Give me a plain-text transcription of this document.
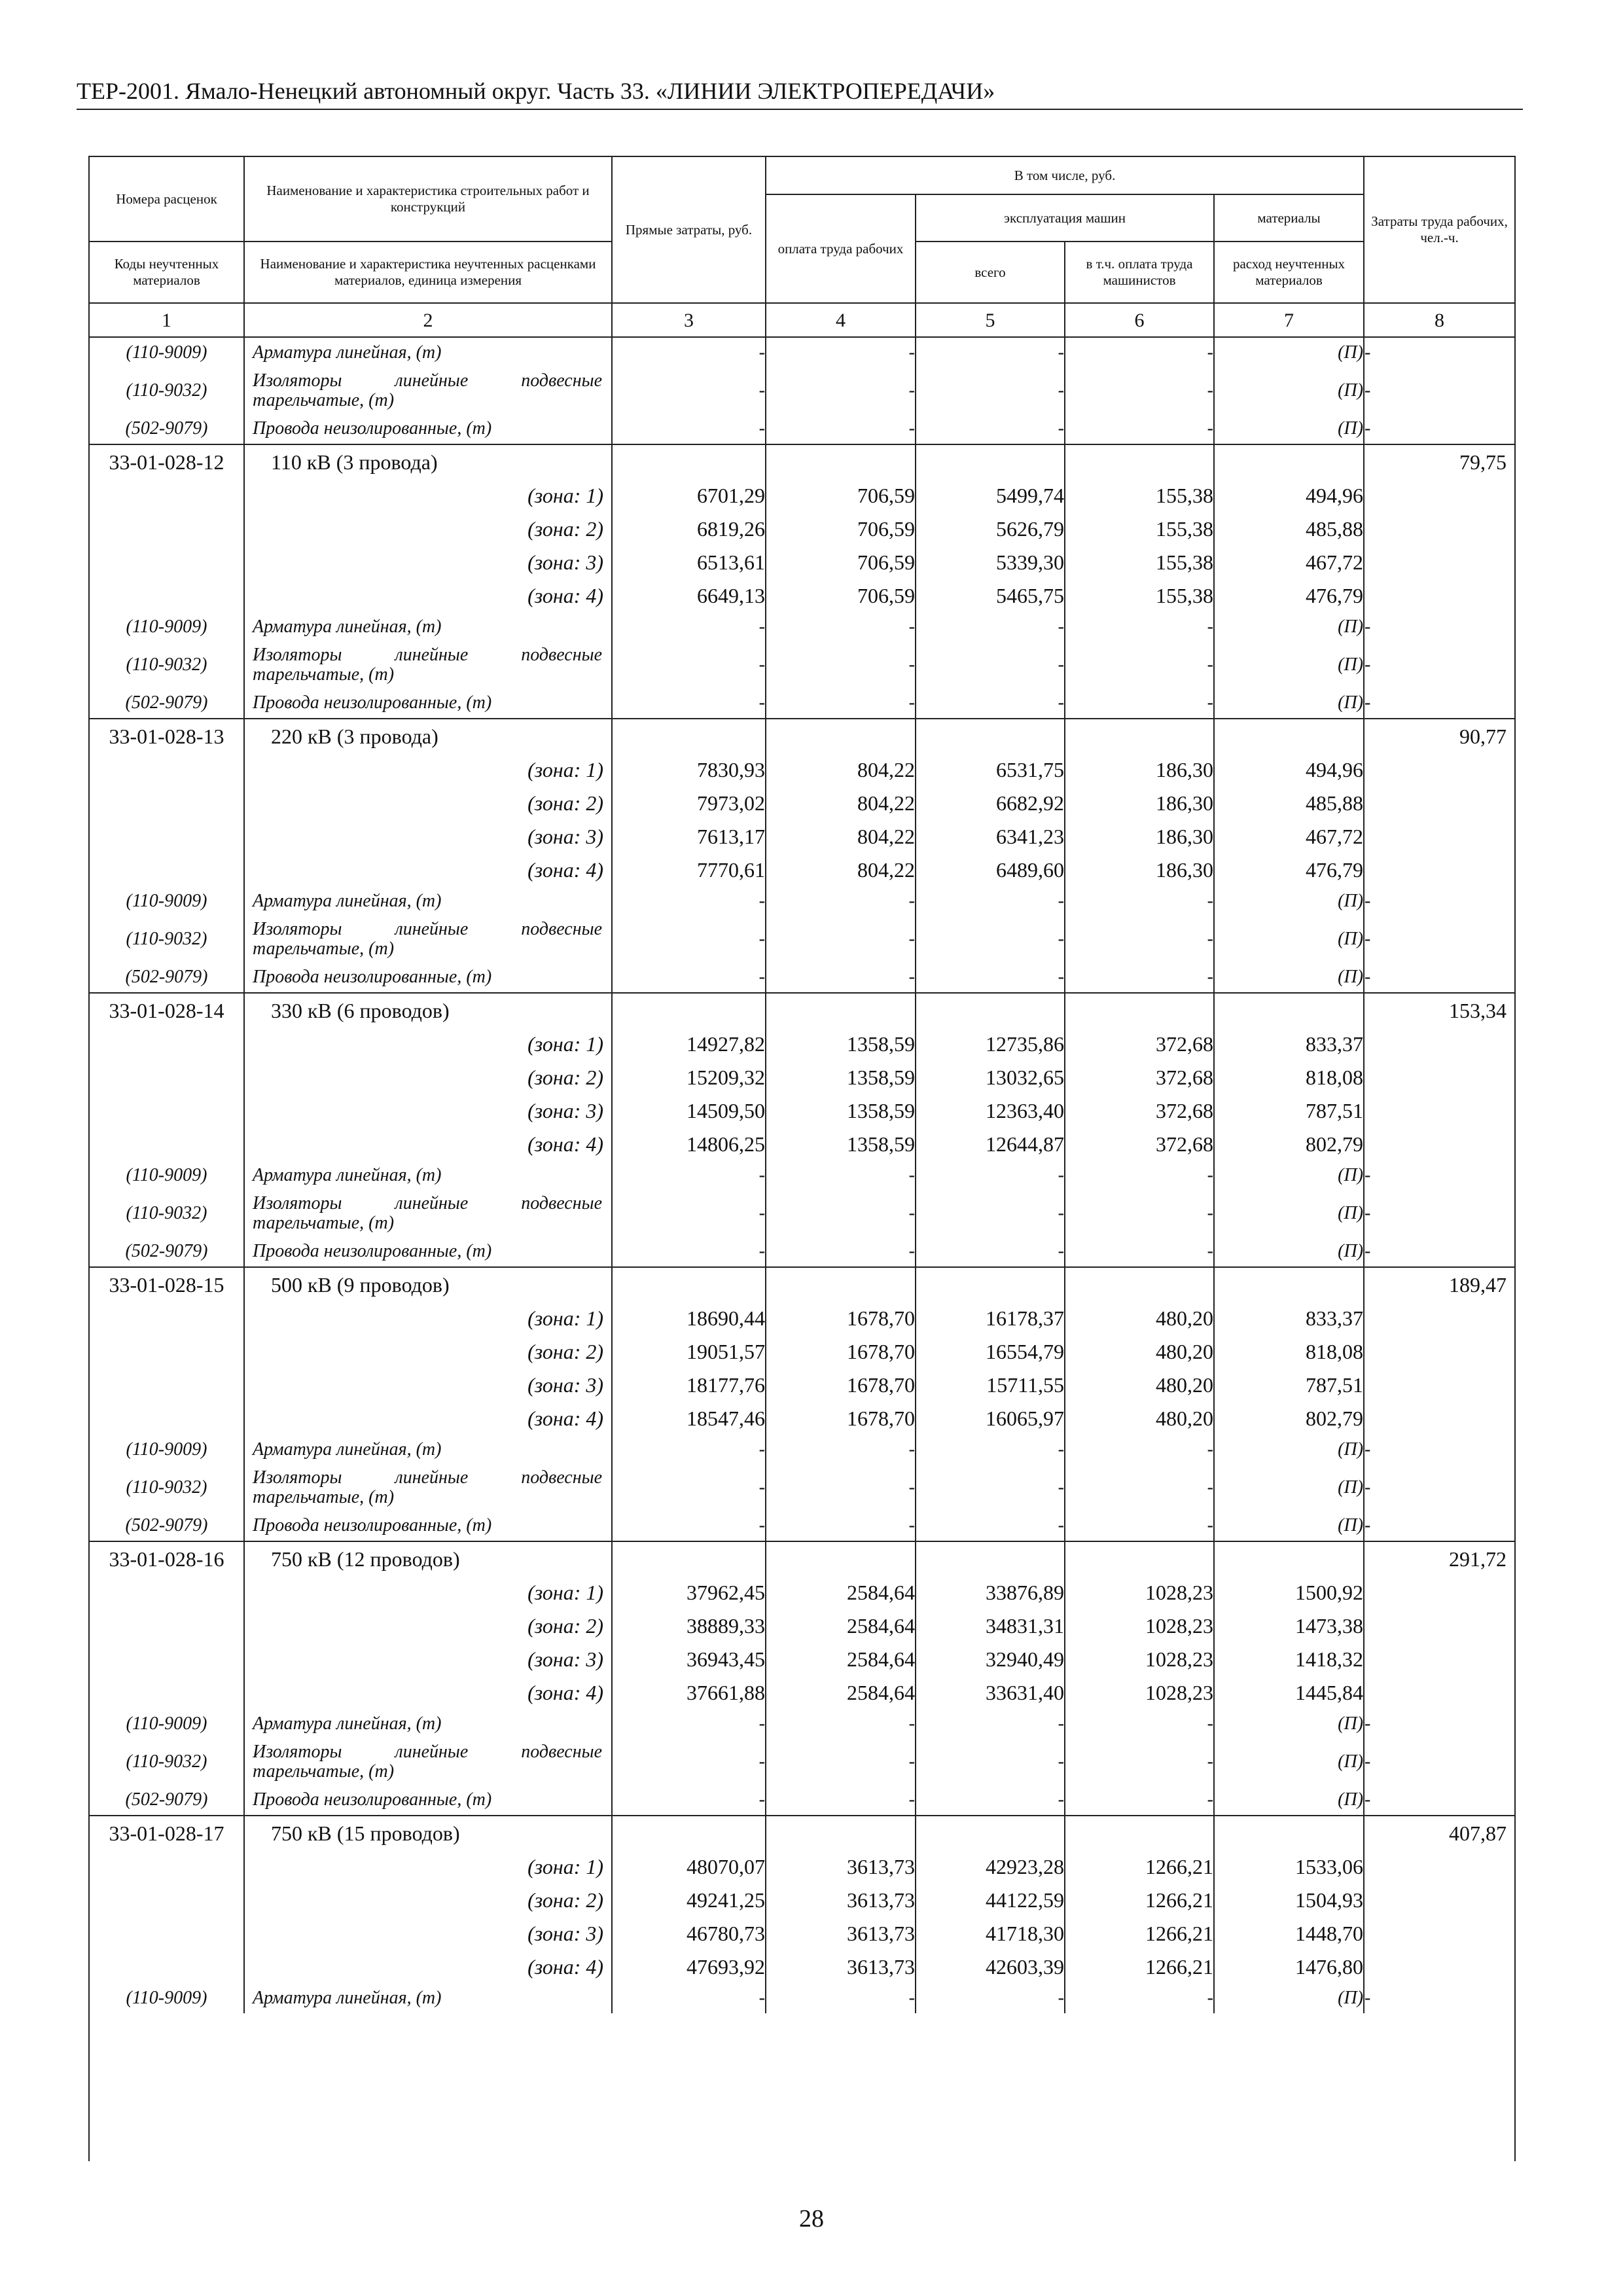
ТЕР-2001. Ямало-Ненецкий автономный округ. Часть 33. «ЛИНИИ ЭЛЕКТРОПЕРЕДАЧИ»
Номера расценок	Наименование и характеристика строительных работ и конструкций	Прямые затраты, руб.	В том числе, руб.				Затраты труда рабочих, чел.-ч.
			оплата труда рабочих	эксплуатация машин		материалы	
Коды неучтенных материалов	Наименование и характеристика неучтенных расценками материалов, единица измерения			всего	в т.ч. оплата труда машинистов	расход неучтенных материалов	
1	2	3	4	5	6	7	8
(110-9009)	Арматура линейная, (т)	-	-	-	-	(П)	-
(110-9032)	Изоляторы линейные подвесные тарельчатые, (т)	-	-	-	-	(П)	-
(502-9079)	Провода неизолированные, (т)	-	-	-	-	(П)	-
33-01-028-12	110 кВ (3 провода)						79,75
	(зона: 1)	6701,29	706,59	5499,74	155,38	494,96	
	(зона: 2)	6819,26	706,59	5626,79	155,38	485,88	
	(зона: 3)	6513,61	706,59	5339,30	155,38	467,72	
	(зона: 4)	6649,13	706,59	5465,75	155,38	476,79	
(110-9009)	Арматура линейная, (т)	-	-	-	-	(П)	-
(110-9032)	Изоляторы линейные подвесные тарельчатые, (т)	-	-	-	-	(П)	-
(502-9079)	Провода неизолированные, (т)	-	-	-	-	(П)	-
33-01-028-13	220 кВ (3 провода)						90,77
	(зона: 1)	7830,93	804,22	6531,75	186,30	494,96	
	(зона: 2)	7973,02	804,22	6682,92	186,30	485,88	
	(зона: 3)	7613,17	804,22	6341,23	186,30	467,72	
	(зона: 4)	7770,61	804,22	6489,60	186,30	476,79	
(110-9009)	Арматура линейная, (т)	-	-	-	-	(П)	-
(110-9032)	Изоляторы линейные подвесные тарельчатые, (т)	-	-	-	-	(П)	-
(502-9079)	Провода неизолированные, (т)	-	-	-	-	(П)	-
33-01-028-14	330 кВ (6 проводов)						153,34
	(зона: 1)	14927,82	1358,59	12735,86	372,68	833,37	
	(зона: 2)	15209,32	1358,59	13032,65	372,68	818,08	
	(зона: 3)	14509,50	1358,59	12363,40	372,68	787,51	
	(зона: 4)	14806,25	1358,59	12644,87	372,68	802,79	
(110-9009)	Арматура линейная, (т)	-	-	-	-	(П)	-
(110-9032)	Изоляторы линейные подвесные тарельчатые, (т)	-	-	-	-	(П)	-
(502-9079)	Провода неизолированные, (т)	-	-	-	-	(П)	-
33-01-028-15	500 кВ (9 проводов)						189,47
	(зона: 1)	18690,44	1678,70	16178,37	480,20	833,37	
	(зона: 2)	19051,57	1678,70	16554,79	480,20	818,08	
	(зона: 3)	18177,76	1678,70	15711,55	480,20	787,51	
	(зона: 4)	18547,46	1678,70	16065,97	480,20	802,79	
(110-9009)	Арматура линейная, (т)	-	-	-	-	(П)	-
(110-9032)	Изоляторы линейные подвесные тарельчатые, (т)	-	-	-	-	(П)	-
(502-9079)	Провода неизолированные, (т)	-	-	-	-	(П)	-
33-01-028-16	750 кВ (12 проводов)						291,72
	(зона: 1)	37962,45	2584,64	33876,89	1028,23	1500,92	
	(зона: 2)	38889,33	2584,64	34831,31	1028,23	1473,38	
	(зона: 3)	36943,45	2584,64	32940,49	1028,23	1418,32	
	(зона: 4)	37661,88	2584,64	33631,40	1028,23	1445,84	
(110-9009)	Арматура линейная, (т)	-	-	-	-	(П)	-
(110-9032)	Изоляторы линейные подвесные тарельчатые, (т)	-	-	-	-	(П)	-
(502-9079)	Провода неизолированные, (т)	-	-	-	-	(П)	-
33-01-028-17	750 кВ (15 проводов)						407,87
	(зона: 1)	48070,07	3613,73	42923,28	1266,21	1533,06	
	(зона: 2)	49241,25	3613,73	44122,59	1266,21	1504,93	
	(зона: 3)	46780,73	3613,73	41718,30	1266,21	1448,70	
	(зона: 4)	47693,92	3613,73	42603,39	1266,21	1476,80	
(110-9009)	Арматура линейная, (т)	-	-	-	-	(П)	-
28
